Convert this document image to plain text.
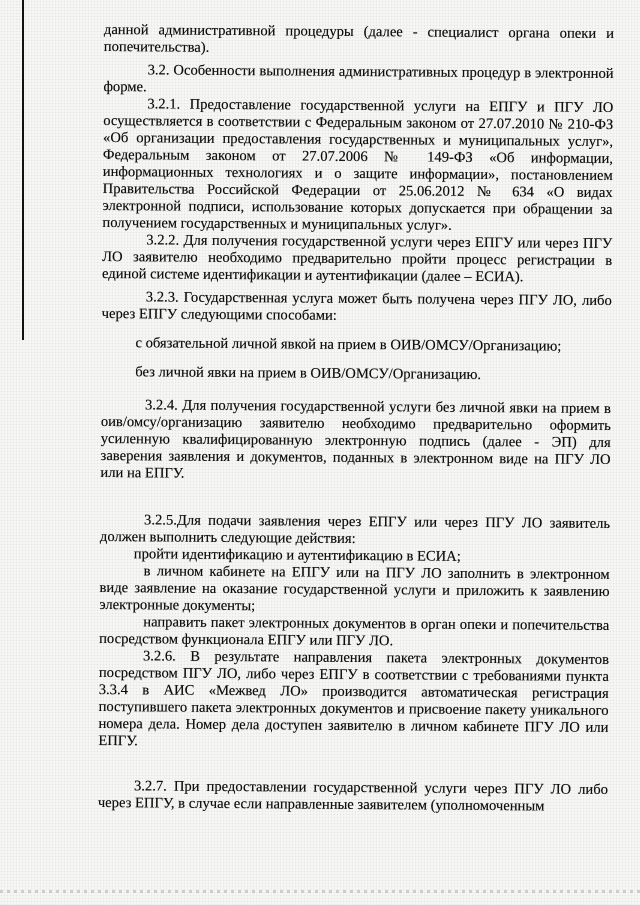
данной административной процедуры (далее - специалист органа опеки и попечительства).

3.2. Особенности выполнения административных процедур в электронной форме.

3.2.1. Предоставление государственной услуги на ЕПГУ и ПГУ ЛО осуществляется в соответствии с Федеральным законом от 27.07.2010 № 210-ФЗ «Об организации предоставления государственных и муниципальных услуг», Федеральным законом от 27.07.2006 № 149-ФЗ «Об информации, информационных технологиях и о защите информации», постановлением Правительства Российской Федерации от 25.06.2012 № 634 «О видах электронной подписи, использование которых допускается при обращении за получением государственных и муниципальных услуг».

3.2.2. Для получения государственной услуги через ЕПГУ или через ПГУ ЛО заявителю необходимо предварительно пройти процесс регистрации в единой системе идентификации и аутентификации (далее – ЕСИА).

3.2.3. Государственная услуга может быть получена через ПГУ ЛО, либо через ЕПГУ следующими способами:

с обязательной личной явкой на прием в ОИВ/ОМСУ/Организацию;

без личной явки на прием в ОИВ/ОМСУ/Организацию.

3.2.4. Для получения государственной услуги без личной явки на прием в оив/омсу/организацию заявителю необходимо предварительно оформить усиленную квалифицированную электронную подпись (далее - ЭП) для заверения заявления и документов, поданных в электронном виде на ПГУ ЛО или на ЕПГУ.

3.2.5.Для подачи заявления через ЕПГУ или через ПГУ ЛО заявитель должен выполнить следующие действия:

пройти идентификацию и аутентификацию в ЕСИА;

в личном кабинете на ЕПГУ или на ПГУ ЛО заполнить в электронном виде заявление на оказание государственной услуги и приложить к заявлению электронные документы;

направить пакет электронных документов в орган опеки и попечительства посредством функционала ЕПГУ или ПГУ ЛО.

3.2.6. В результате направления пакета электронных документов посредством ПГУ ЛО, либо через ЕПГУ в соответствии с требованиями пункта 3.3.4 в АИС «Межвед ЛО» производится автоматическая регистрация поступившего пакета электронных документов и присвоение пакету уникального номера дела. Номер дела доступен заявителю в личном кабинете ПГУ ЛО или ЕПГУ.

3.2.7. При предоставлении государственной услуги через ПГУ ЛО либо через ЕПГУ, в случае если направленные заявителем (уполномоченным
